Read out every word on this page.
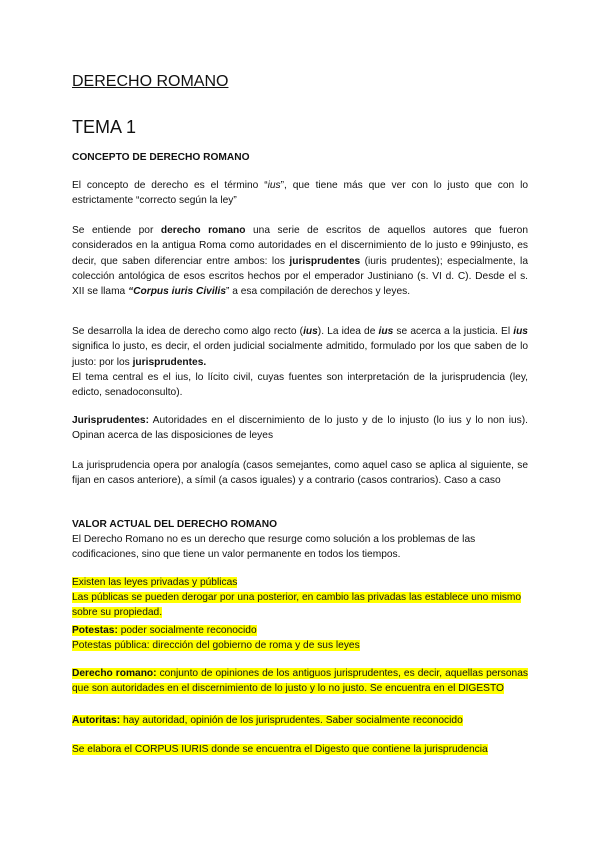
DERECHO ROMANO
TEMA 1
CONCEPTO DE DERECHO ROMANO
El concepto de derecho es el término “ius”, que tiene más que ver con lo justo que con lo estrictamente “correcto según la ley”
Se entiende por derecho romano una serie de escritos de aquellos autores que fueron considerados en la antigua Roma como autoridades en el discernimiento de lo justo e 99injusto, es decir, que saben diferenciar entre ambos: los jurisprudentes (iuris prudentes); especialmente, la colección antológica de esos escritos hechos por el emperador Justiniano (s. VI d. C). Desde el s. XII se llama “Corpus iuris Civilis” a esa compilación de derechos y leyes.
Se desarrolla la idea de derecho como algo recto (ius). La idea de ius se acerca a la justicia. El ius significa lo justo, es decir, el orden judicial socialmente admitido, formulado por los que saben de lo justo: por los jurisprudentes.
El tema central es el ius, lo lícito civil, cuyas fuentes son interpretación de la jurisprudencia (ley, edicto, senadoconsulto).
Jurisprudentes: Autoridades en el discernimiento de lo justo y de lo injusto (lo ius y lo non ius). Opinan acerca de las disposiciones de leyes
La jurisprudencia opera por analogía (casos semejantes, como aquel caso se aplica al siguiente, se fijan en casos anteriore), a símil (a casos iguales) y a contrario (casos contrarios). Caso a caso
VALOR ACTUAL DEL DERECHO ROMANO
El Derecho Romano no es un derecho que resurge como solución a los problemas de las codificaciones, sino que tiene un valor permanente en todos los tiempos.
Existen las leyes privadas y públicas
Las públicas se pueden derogar por una posterior, en cambio las privadas las establece uno mismo sobre su propiedad.
Potestas: poder socialmente reconocido
Potestas pública: dirección del gobierno de roma y de sus leyes
Derecho romano: conjunto de opiniones de los antiguos jurisprudentes, es decir, aquellas personas que son autoridades en el discernimiento de lo justo y lo no justo. Se encuentra en el DIGESTO
Autoritas: hay autoridad, opinión de los jurisprudentes. Saber socialmente reconocido
Se elabora el CORPUS IURIS donde se encuentra el Digesto que contiene la jurisprudencia
